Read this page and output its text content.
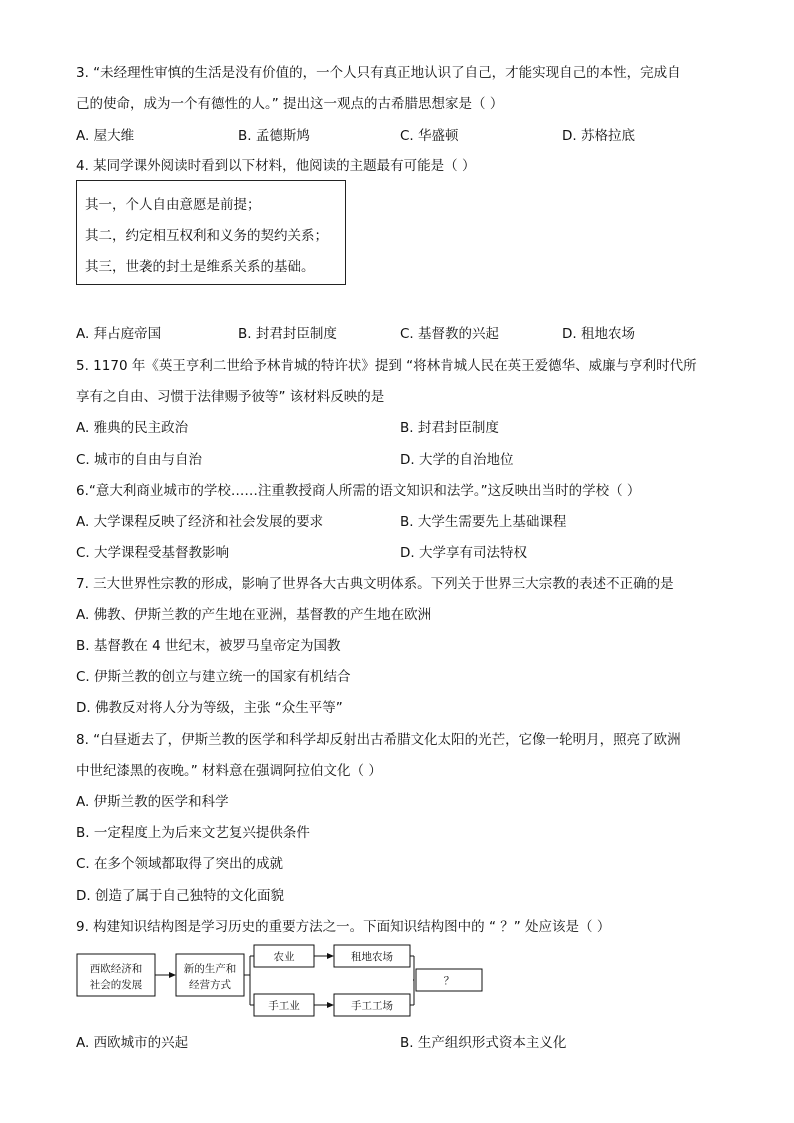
3. “未经理性审慎的生活是没有价值的，一个人只有真正地认识了自己，才能实现自己的本性，完成自
己的使命，成为一个有德性的人。” 提出这一观点的古希腊思想家是（ ）
A. 屋大维	B. 孟德斯鸠	C. 华盛顿	D. 苏格拉底
4. 某同学课外阅读时看到以下材料，他阅读的主题最有可能是（ ）
其一，个人自由意愿是前提；
其二，约定相互权利和义务的契约关系；
其三，世袭的封土是维系关系的基础。
A. 拜占庭帝国	B. 封君封臣制度	C. 基督教的兴起	D. 租地农场
5. 1170 年《英王亨利二世给予林肯城的特许状》提到 “将林肯城人民在英王爱德华、威廉与亨利时代所
享有之自由、习惯于法律赐予彼等” 该材料反映的是
A. 雅典的民主政治	B. 封君封臣制度
C. 城市的自由与自治	D. 大学的自治地位
6.“意大利商业城市的学校……注重教授商人所需的语文知识和法学。”这反映出当时的学校（ ）
A. 大学课程反映了经济和社会发展的要求	B. 大学生需要先上基础课程
C. 大学课程受基督教影响	D. 大学享有司法特权
7. 三大世界性宗教的形成，影响了世界各大古典文明体系。下列关于世界三大宗教的表述不正确的是
A. 佛教、伊斯兰教的产生地在亚洲，基督教的产生地在欧洲
B. 基督教在 4 世纪末，被罗马皇帝定为国教
C. 伊斯兰教的创立与建立统一的国家有机结合
D. 佛教反对将人分为等级，主张 “众生平等”
8. “白昼逝去了，伊斯兰教的医学和科学却反射出古希腊文化太阳的光芒，它像一轮明月，照亮了欧洲
中世纪漆黑的夜晚。” 材料意在强调阿拉伯文化（ ）
A. 伊斯兰教的医学和科学
B. 一定程度上为后来文艺复兴提供条件
C. 在多个领域都取得了突出的成就
D. 创造了属于自己独特的文化面貌
9. 构建知识结构图是学习历史的重要方法之一。下面知识结构图中的 “ ？” 处应该是（ ）
西欧经济和
社会的发展
新的生产和
经营方式
农业	租地农场
手工业	手工工场
？
A. 西欧城市的兴起	B. 生产组织形式资本主义化
